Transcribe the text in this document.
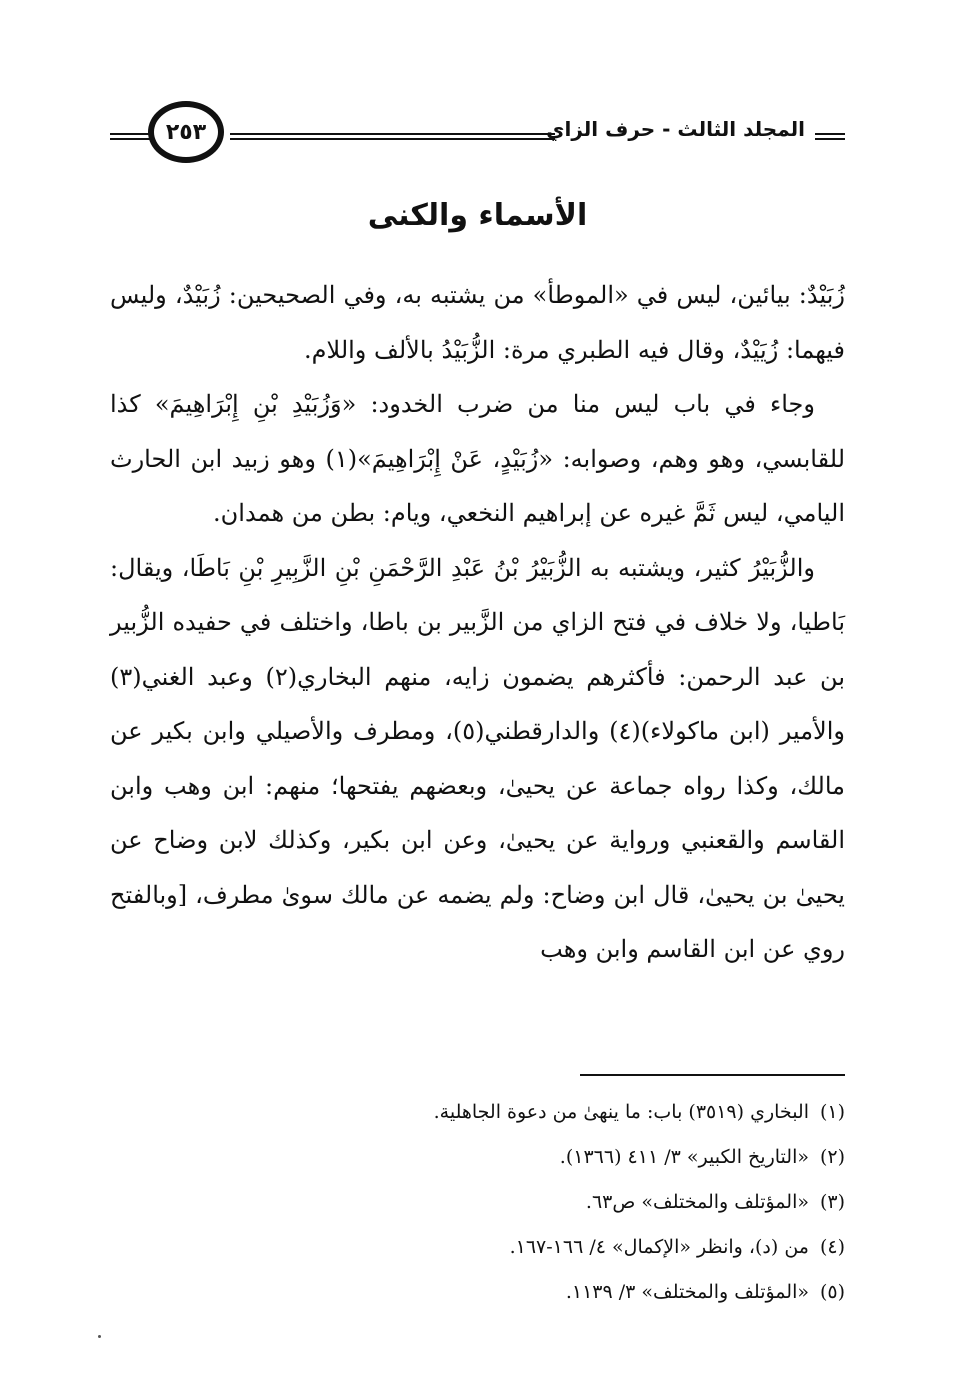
المجلد الثالث - حرف الزاي
٢٥٣
الأسماء والكنى

زُبَيْدٌ: بيائين، ليس في «الموطأ» من يشتبه به، وفي الصحيحين: زُبَيْدٌ، وليس فيهما: زُيَيْدٌ، وقال فيه الطبري مرة: الزُّبَيْدُ بالألف واللام.

وجاء في باب ليس منا من ضرب الخدود: «وَزُبَيْدِ بْنِ إِبْرَاهِيمَ» كذا للقابسي، وهو وهم، وصوابه: «زُبَيْدٍ، عَنْ إِبْرَاهِيمَ»(١) وهو زبيد ابن الحارث اليامي، ليس ثَمَّ غيره عن إبراهيم النخعي، ويام: بطن من همدان.

والزُّبَيْرُ كثير، ويشتبه به الزُّبَيْرُ بْنُ عَبْدِ الرَّحْمَنِ بْنِ الزَّبِيرِ بْنِ بَاطَا، ويقال: بَاطيا، ولا خلاف في فتح الزاي من الزَّبير بن باطا، واختلف في حفيده الزُّبير بن عبد الرحمن: فأكثرهم يضمون زايه، منهم البخاري(٢) وعبد الغني(٣) والأمير (ابن ماكولاء)(٤) والدارقطني(٥)، ومطرف والأصيلي وابن بكير عن مالك، وكذا رواه جماعة عن يحيىٰ، وبعضهم يفتحها؛ منهم: ابن وهب وابن القاسم والقعنبي ورواية عن يحيىٰ، وعن ابن بكير، وكذلك لابن وضاح عن يحيىٰ بن يحيىٰ، قال ابن وضاح: ولم يضمه عن مالك سوىٰ مطرف، [وبالفتح روي عن ابن القاسم وابن وهب

(١)البخاري (٣٥١٩) باب: ما ينهىٰ من دعوة الجاهلية.
(٢)«التاريخ الكبير» ٣/ ٤١١ (١٣٦٦).
(٣)«المؤتلف والمختلف» ص٦٣.
(٤)من (د)، وانظر «الإكمال» ٤/ ١٦٦-١٦٧.
(٥)«المؤتلف والمختلف» ٣/ ١١٣٩.
